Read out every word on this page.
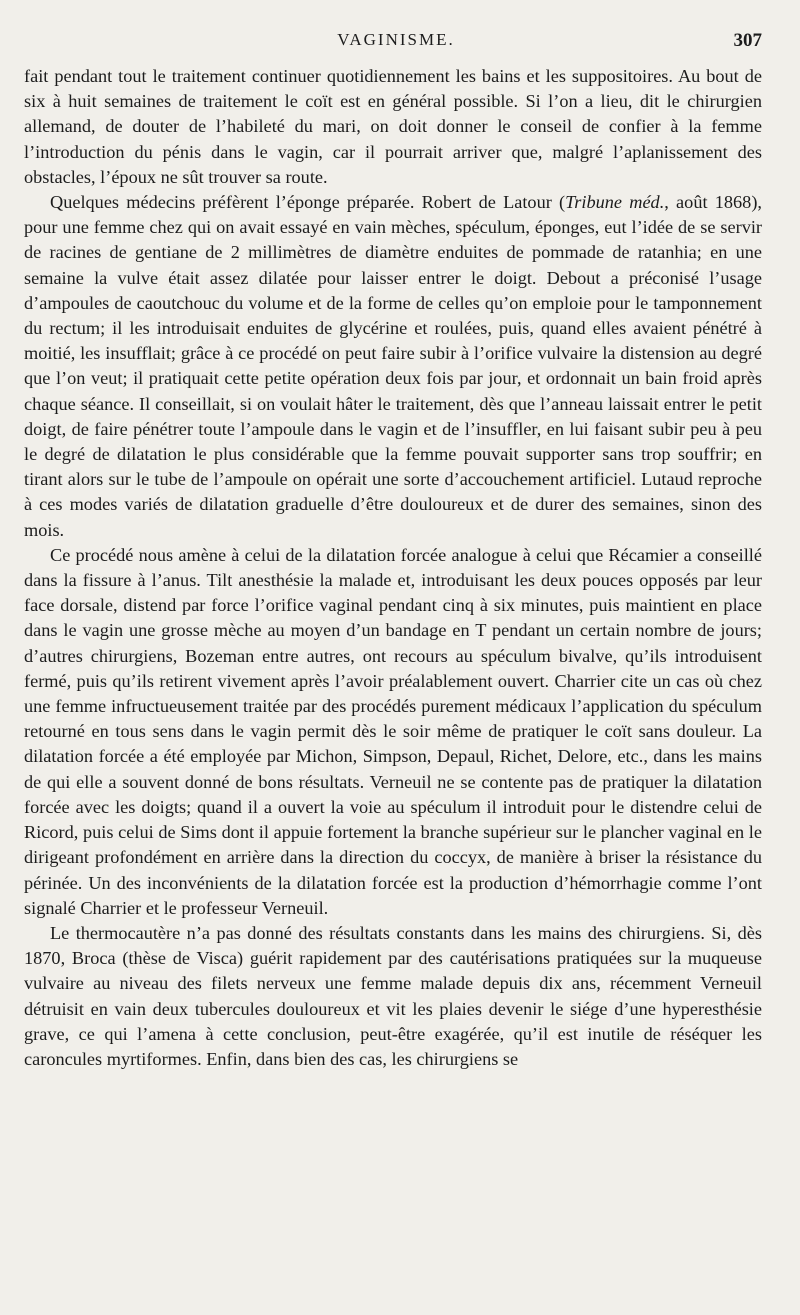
VAGINISME.	307

fait pendant tout le traitement continuer quotidiennement les bains et les suppositoires. Au bout de six à huit semaines de traitement le coït est en général possible. Si l’on a lieu, dit le chirurgien allemand, de douter de l’habileté du mari, on doit donner le conseil de confier à la femme l’introduction du pénis dans le vagin, car il pourrait arriver que, malgré l’aplanissement des obstacles, l’époux ne sût trouver sa route.

Quelques médecins préfèrent l’éponge préparée. Robert de Latour (Tribune méd., août 1868), pour une femme chez qui on avait essayé en vain mèches, spéculum, éponges, eut l’idée de se servir de racines de gentiane de 2 millimètres de diamètre enduites de pommade de ratanhia; en une semaine la vulve était assez dilatée pour laisser entrer le doigt. Debout a préconisé l’usage d’ampoules de caoutchouc du volume et de la forme de celles qu’on emploie pour le tamponnement du rectum; il les introduisait enduites de glycérine et roulées, puis, quand elles avaient pénétré à moitié, les insufflait; grâce à ce procédé on peut faire subir à l’orifice vulvaire la distension au degré que l’on veut; il pratiquait cette petite opération deux fois par jour, et ordonnait un bain froid après chaque séance. Il conseillait, si on voulait hâter le traitement, dès que l’anneau laissait entrer le petit doigt, de faire pénétrer toute l’ampoule dans le vagin et de l’insuffler, en lui faisant subir peu à peu le degré de dilatation le plus considérable que la femme pouvait supporter sans trop souffrir; en tirant alors sur le tube de l’ampoule on opérait une sorte d’accouchement artificiel. Lutaud reproche à ces modes variés de dilatation graduelle d’être douloureux et de durer des semaines, sinon des mois.

Ce procédé nous amène à celui de la dilatation forcée analogue à celui que Récamier a conseillé dans la fissure à l’anus. Tilt anesthésie la malade et, introduisant les deux pouces opposés par leur face dorsale, distend par force l’orifice vaginal pendant cinq à six minutes, puis maintient en place dans le vagin une grosse mèche au moyen d’un bandage en T pendant un certain nombre de jours; d’autres chirurgiens, Bozeman entre autres, ont recours au spéculum bivalve, qu’ils introduisent fermé, puis qu’ils retirent vivement après l’avoir préalablement ouvert. Charrier cite un cas où chez une femme infructueusement traitée par des procédés purement médicaux l’application du spéculum retourné en tous sens dans le vagin permit dès le soir même de pratiquer le coït sans douleur. La dilatation forcée a été employée par Michon, Simpson, Depaul, Richet, Delore, etc., dans les mains de qui elle a souvent donné de bons résultats. Verneuil ne se contente pas de pratiquer la dilatation forcée avec les doigts; quand il a ouvert la voie au spéculum il introduit pour le distendre celui de Ricord, puis celui de Sims dont il appuie fortement la branche supérieur sur le plancher vaginal en le dirigeant profondément en arrière dans la direction du coccyx, de manière à briser la résistance du périnée. Un des inconvénients de la dilatation forcée est la production d’hémorrhagie comme l’ont signalé Charrier et le professeur Verneuil.

Le thermocautère n’a pas donné des résultats constants dans les mains des chirurgiens. Si, dès 1870, Broca (thèse de Visca) guérit rapidement par des cautérisations pratiquées sur la muqueuse vulvaire au niveau des filets nerveux une femme malade depuis dix ans, récemment Verneuil détruisit en vain deux tubercules douloureux et vit les plaies devenir le siége d’une hyperesthésie grave, ce qui l’amena à cette conclusion, peut-être exagérée, qu’il est inutile de réséquer les caroncules myrtiformes. Enfin, dans bien des cas, les chirurgiens se
